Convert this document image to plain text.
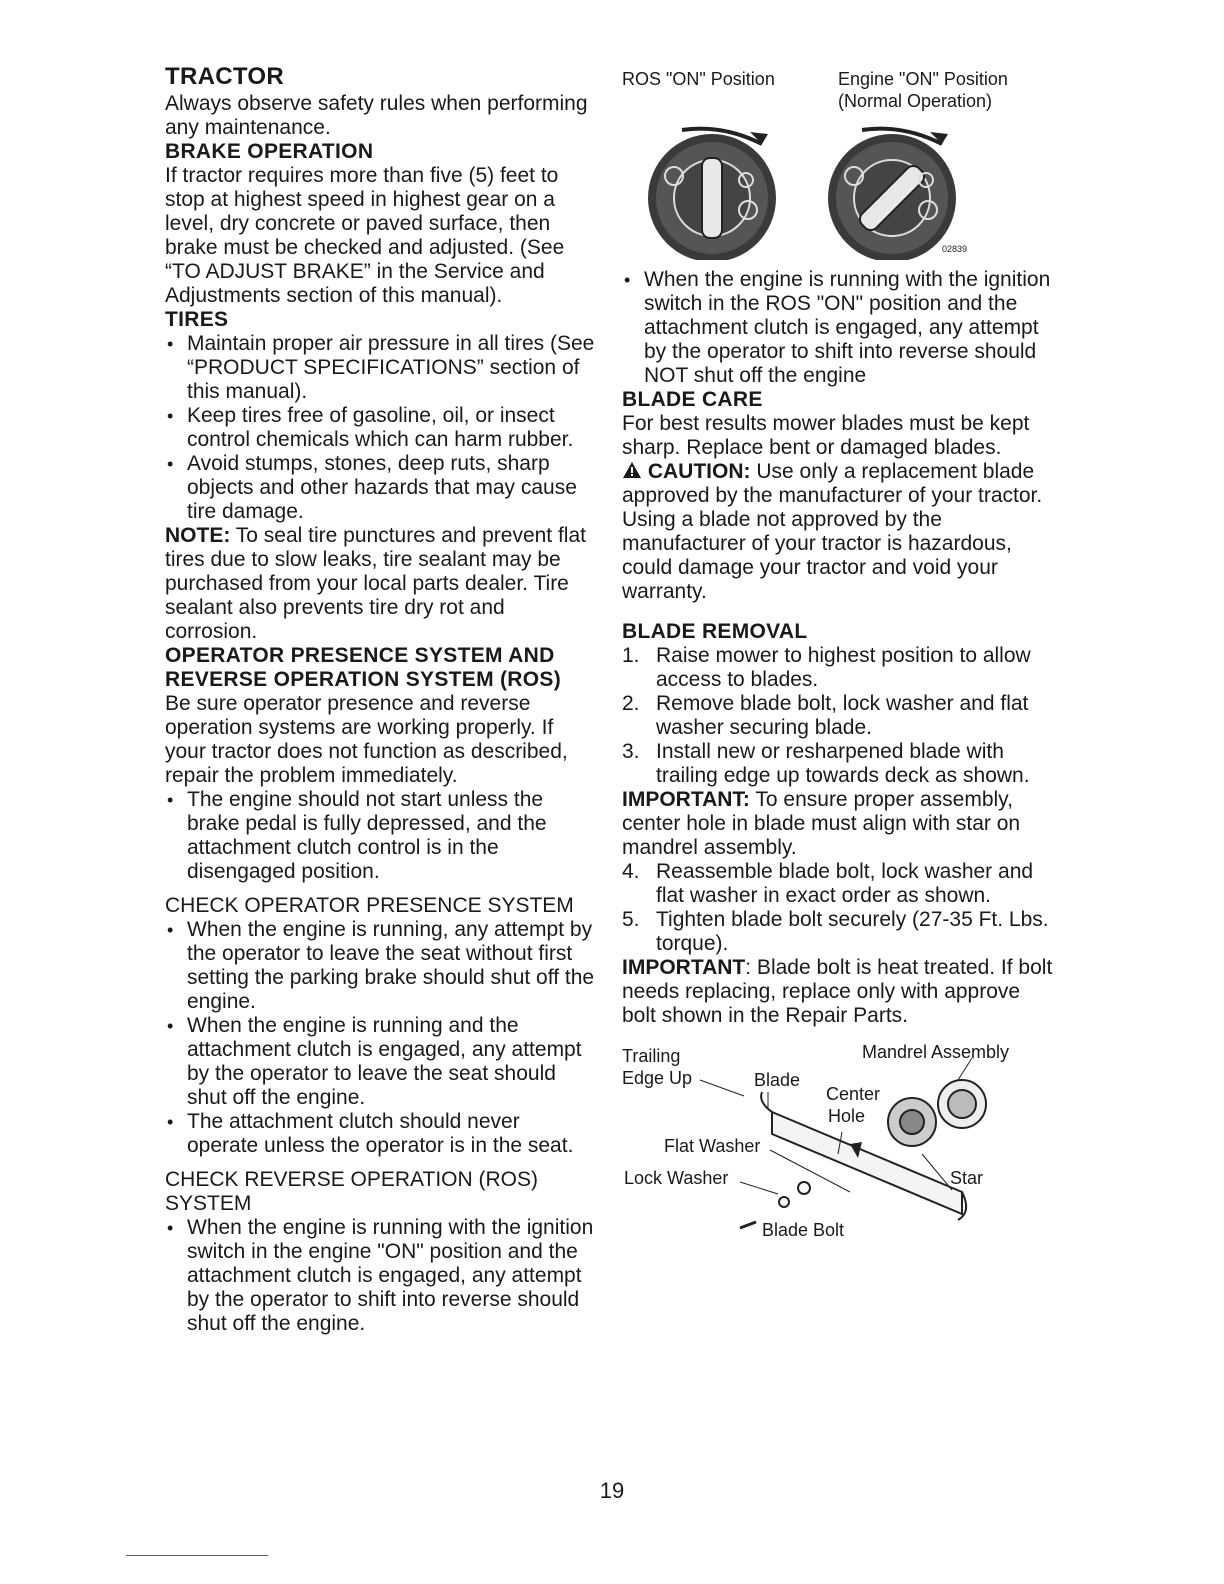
TRACTOR

Always observe safety rules when performing any maintenance.

BRAKE OPERATION

If tractor requires more than five (5) feet to stop at highest speed in highest gear on a level, dry concrete or paved surface, then brake must be checked and adjusted. (See “TO ADJUST BRAKE” in the Service and Adjustments section of this manual).

TIRES
• Maintain proper air pressure in all tires (See “PRODUCT SPECIFICATIONS” section of this manual).
• Keep tires free of gasoline, oil, or insect control chemicals which can harm rubber.
• Avoid stumps, stones, deep ruts, sharp objects and other hazards that may cause tire damage.

NOTE: To seal tire punctures and prevent flat tires due to slow leaks, tire sealant may be purchased from your local parts dealer. Tire sealant also prevents tire dry rot and corrosion.

OPERATOR PRESENCE SYSTEM AND REVERSE OPERATION SYSTEM (ROS)

Be sure operator presence and reverse operation systems are working properly. If your tractor does not function as described, repair the problem immediately.

• The engine should not start unless the brake pedal is fully depressed, and the attachment clutch control is in the disengaged position.

CHECK OPERATOR PRESENCE SYSTEM

• When the engine is running, any attempt by the operator to leave the seat without first setting the parking brake should shut off the engine.
• When the engine is running and the attachment clutch is engaged, any attempt by the operator to leave the seat should shut off the engine.
• The attachment clutch should never operate unless the operator is in the seat.

CHECK REVERSE OPERATION (ROS) SYSTEM

• When the engine is running with the ignition switch in the engine "ON" position and the attachment clutch is engaged, any attempt by the operator to shift into reverse should shut off the engine.
ROS "ON" Position	Engine "ON" Position
(Normal Operation)
02839
• When the engine is running with the ignition switch in the ROS "ON" position and the attachment clutch is engaged, any attempt by the operator to shift into reverse should NOT shut off the engine
BLADE CARE

For best results mower blades must be kept sharp. Replace bent or damaged blades.

CAUTION: Use only a replacement blade approved by the manufacturer of your tractor. Using a blade not approved by the manufacturer of your tractor is hazardous, could damage your tractor and void your warranty.

BLADE REMOVAL
1. Raise mower to highest position to allow access to blades.
2. Remove blade bolt, lock washer and flat washer securing blade.
3. Install new or resharpened blade with trailing edge up towards deck as shown.

IMPORTANT: To ensure proper assembly, center hole in blade must align with star on mandrel assembly.

4. Reassemble blade bolt, lock washer and flat washer in exact order as shown.
5. Tighten blade bolt securely (27-35 Ft. Lbs. torque).

IMPORTANT: Blade bolt is heat treated. If bolt needs replacing, replace only with approve bolt shown in the Repair Parts.

Trailing
Edge Up	Blade
Mandrel Assembly
Center
Hole
Flat Washer
Lock Washer	Star
Blade Bolt
19
